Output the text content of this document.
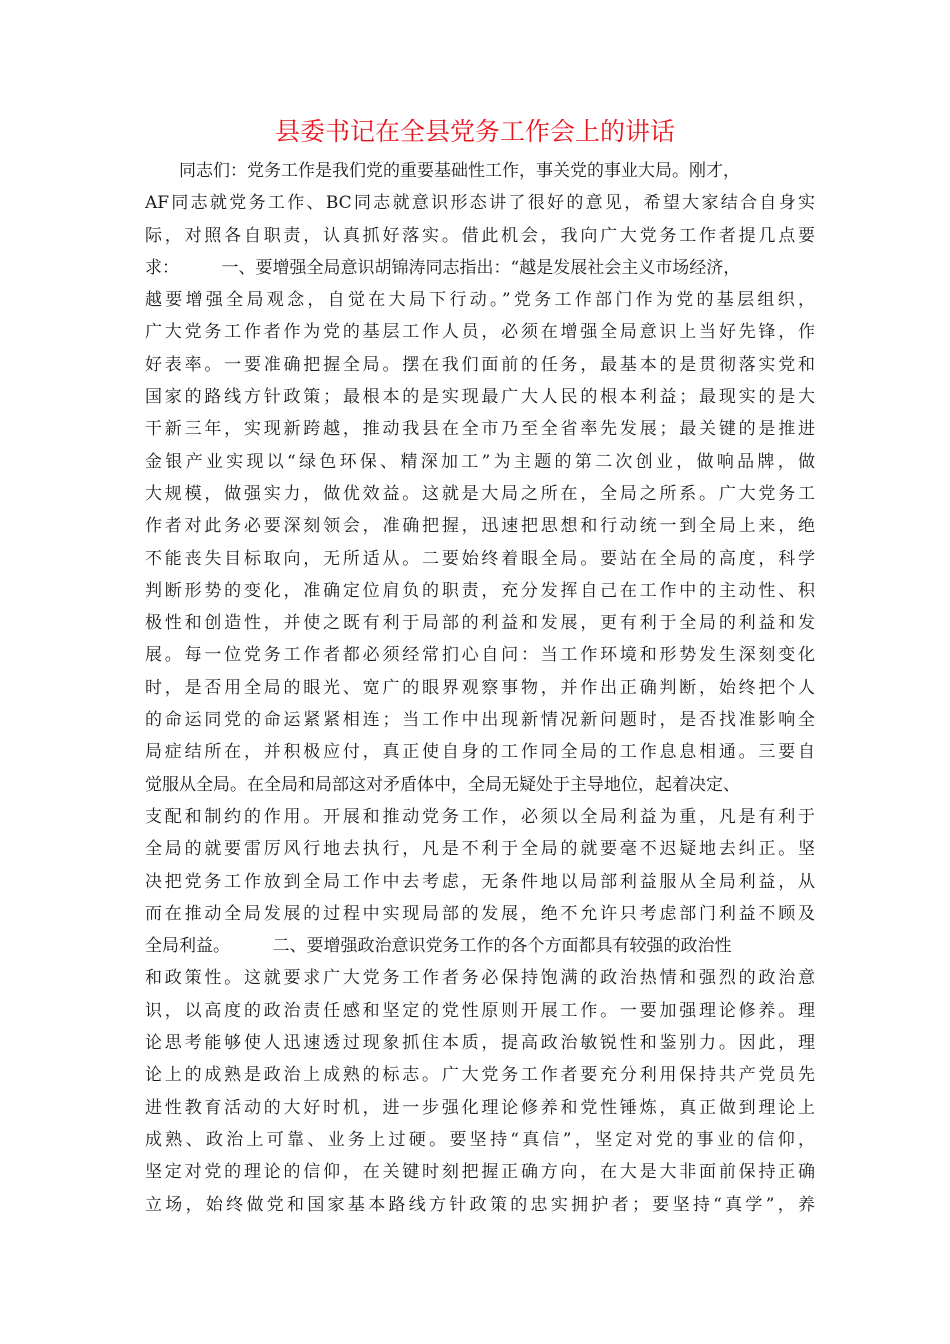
县委书记在全县党务工作会上的讲话
　　同志们：党务工作是我们党的重要基础性工作，事关党的事业大局。刚才，
AF同志就党务工作、BC同志就意识形态讲了很好的意见，希望大家结合自身实
际，对照各自职责，认真抓好落实。借此机会，我向广大党务工作者提几点要
求：　　　一、要增强全局意识胡锦涛同志指出：“越是发展社会主义市场经济，
越要增强全局观念，自觉在大局下行动。”党务工作部门作为党的基层组织，
广大党务工作者作为党的基层工作人员，必须在增强全局意识上当好先锋，作
好表率。一要准确把握全局。摆在我们面前的任务，最基本的是贯彻落实党和
国家的路线方针政策；最根本的是实现最广大人民的根本利益；最现实的是大
干新三年，实现新跨越，推动我县在全市乃至全省率先发展；最关键的是推进
金银产业实现以“绿色环保、精深加工”为主题的第二次创业，做响品牌，做
大规模，做强实力，做优效益。这就是大局之所在，全局之所系。广大党务工
作者对此务必要深刻领会，准确把握，迅速把思想和行动统一到全局上来，绝
不能丧失目标取向，无所适从。二要始终着眼全局。要站在全局的高度，科学
判断形势的变化，准确定位肩负的职责，充分发挥自己在工作中的主动性、积
极性和创造性，并使之既有利于局部的利益和发展，更有利于全局的利益和发
展。每一位党务工作者都必须经常扪心自问：当工作环境和形势发生深刻变化
时，是否用全局的眼光、宽广的眼界观察事物，并作出正确判断，始终把个人
的命运同党的命运紧紧相连；当工作中出现新情况新问题时，是否找准影响全
局症结所在，并积极应付，真正使自身的工作同全局的工作息息相通。三要自
觉服从全局。在全局和局部这对矛盾体中，全局无疑处于主导地位，起着决定、
支配和制约的作用。开展和推动党务工作，必须以全局利益为重，凡是有利于
全局的就要雷厉风行地去执行，凡是不利于全局的就要毫不迟疑地去纠正。坚
决把党务工作放到全局工作中去考虑，无条件地以局部利益服从全局利益，从
而在推动全局发展的过程中实现局部的发展，绝不允许只考虑部门利益不顾及
全局利益。　　　二、要增强政治意识党务工作的各个方面都具有较强的政治性
和政策性。这就要求广大党务工作者务必保持饱满的政治热情和强烈的政治意
识，以高度的政治责任感和坚定的党性原则开展工作。一要加强理论修养。理
论思考能够使人迅速透过现象抓住本质，提高政治敏锐性和鉴别力。因此，理
论上的成熟是政治上成熟的标志。广大党务工作者要充分利用保持共产党员先
进性教育活动的大好时机，进一步强化理论修养和党性锤炼，真正做到理论上
成熟、政治上可靠、业务上过硬。要坚持“真信”，坚定对党的事业的信仰，
坚定对党的理论的信仰，在关键时刻把握正确方向，在大是大非面前保持正确
立场，始终做党和国家基本路线方针政策的忠实拥护者；要坚持“真学”，养
